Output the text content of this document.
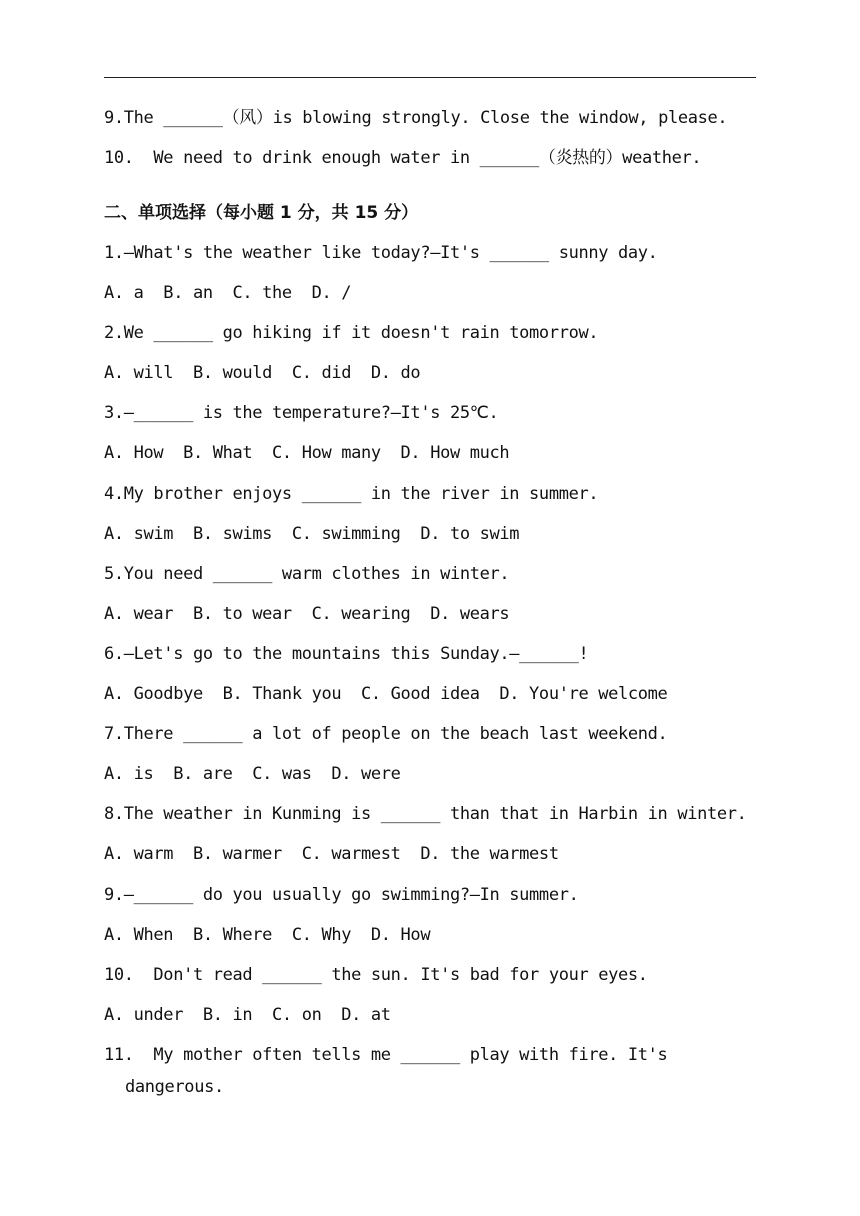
9.The ______（风）is blowing strongly. Close the window, please.
10.  We need to drink enough water in ______（炎热的）weather.
二、单项选择（每小题 1 分，共 15 分）
1.—What's the weather like today?—It's ______ sunny day.
A. a  B. an  C. the  D. /
2.We ______ go hiking if it doesn't rain tomorrow.
A. will  B. would  C. did  D. do
3.—______ is the temperature?—It's 25℃.
A. How  B. What  C. How many  D. How much
4.My brother enjoys ______ in the river in summer.
A. swim  B. swims  C. swimming  D. to swim
5.You need ______ warm clothes in winter.
A. wear  B. to wear  C. wearing  D. wears
6.—Let's go to the mountains this Sunday.—______!
A. Goodbye  B. Thank you  C. Good idea  D. You're welcome
7.There ______ a lot of people on the beach last weekend.
A. is  B. are  C. was  D. were
8.The weather in Kunming is ______ than that in Harbin in winter.
A. warm  B. warmer  C. warmest  D. the warmest
9.—______ do you usually go swimming?—In summer.
A. When  B. Where  C. Why  D. How
10.  Don't read ______ the sun. It's bad for your eyes.
A. under  B. in  C. on  D. at
11.  My mother often tells me ______ play with fire. It's
dangerous.
